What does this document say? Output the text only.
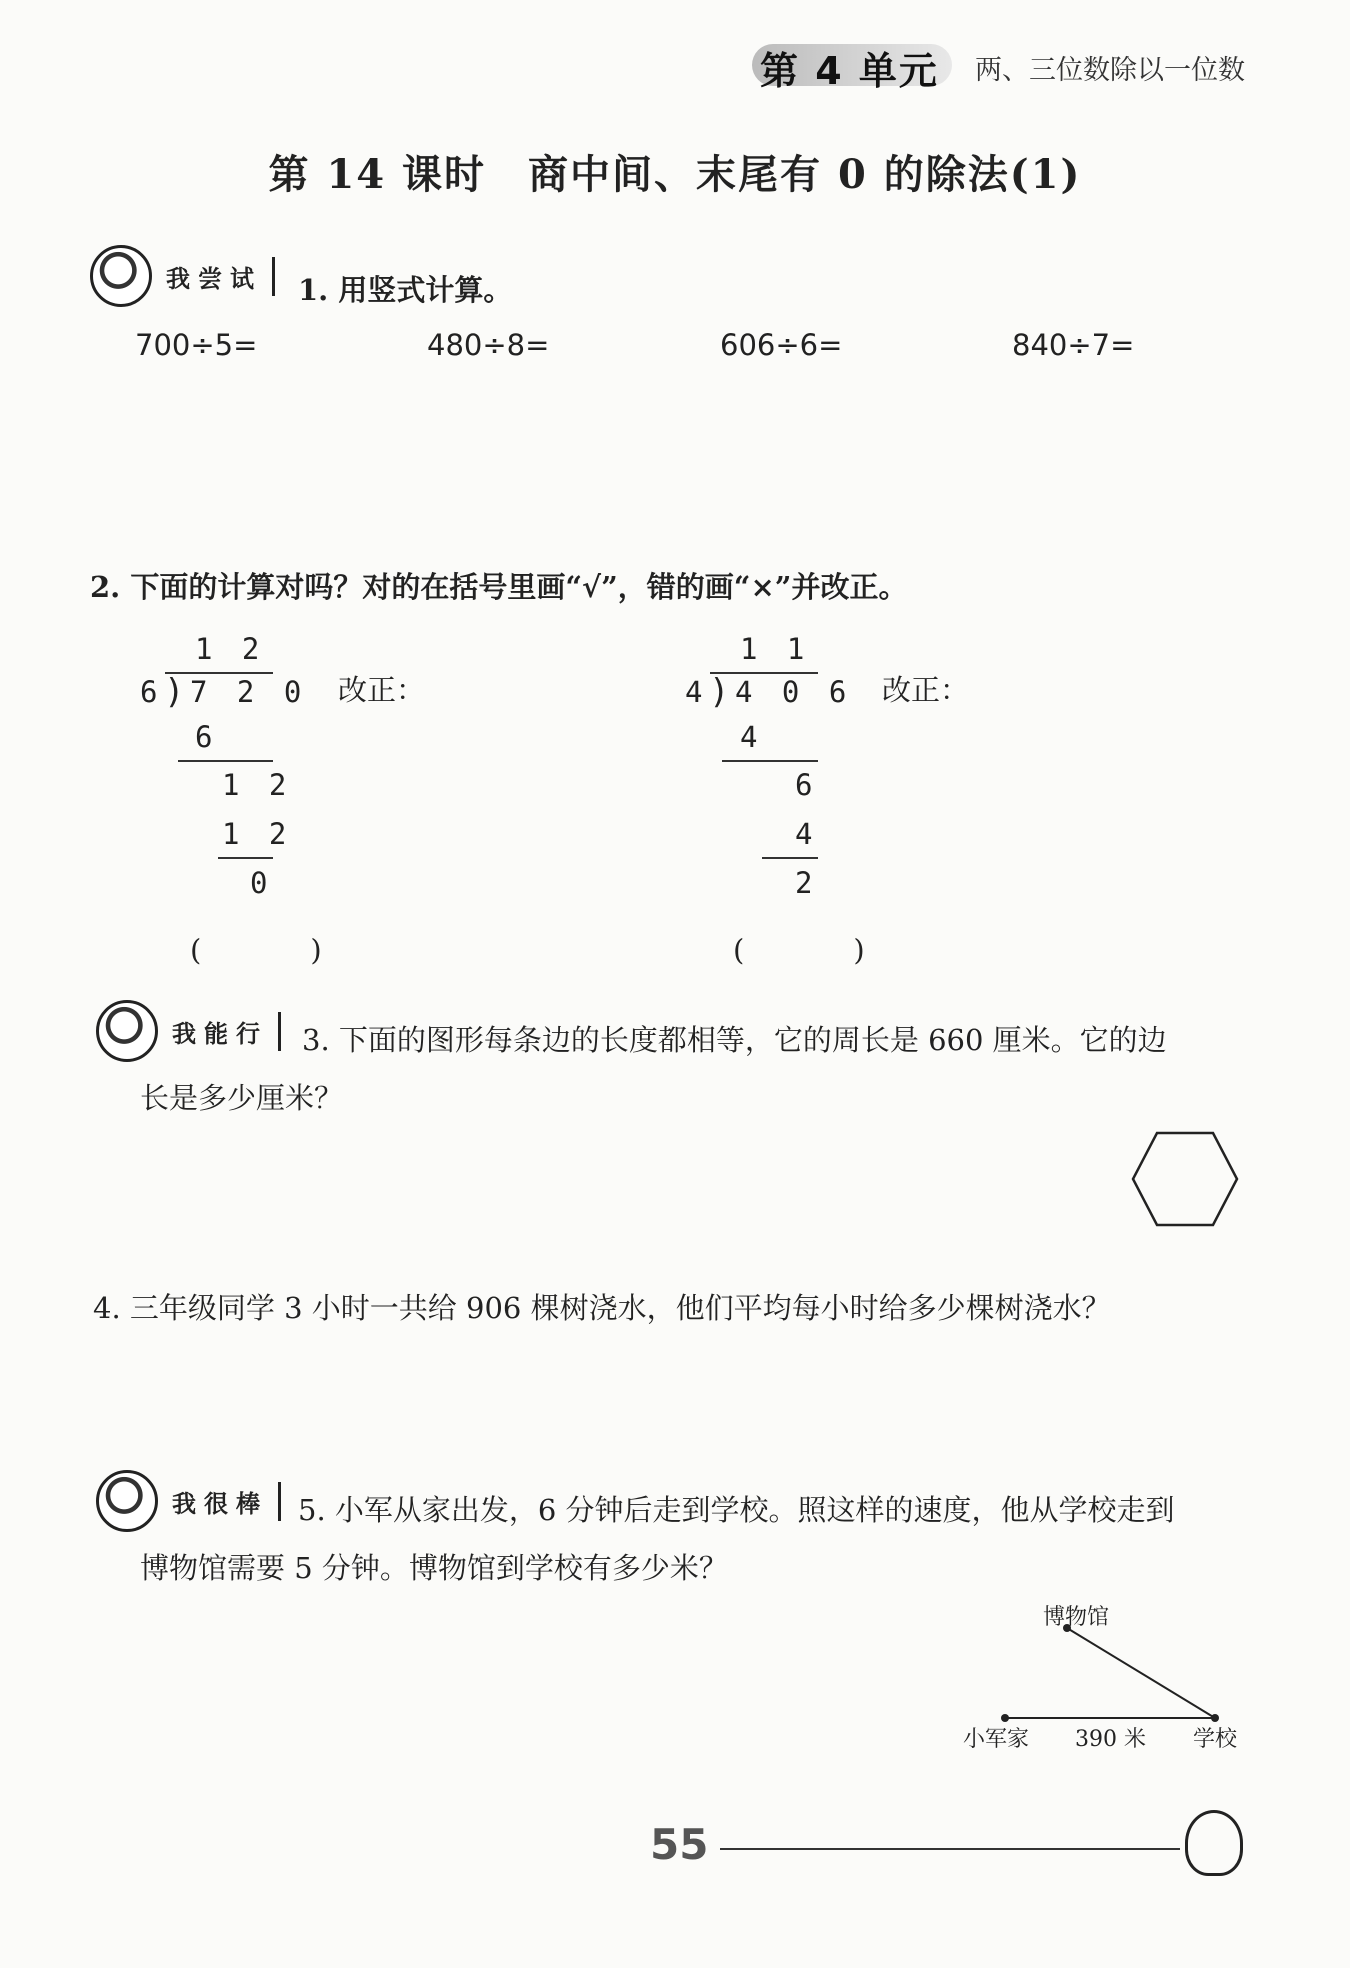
第 4 单元 两、三位数除以一位数
第 14 课时　商中间、末尾有 0 的除法(1)
我尝试	1. 用竖式计算。
700÷5=	480÷8=	606÷6=	840÷7=
2. 下面的计算对吗？对的在括号里画“√”，错的画“×”并改正。
1 2
6 ) 7 2 0
6
1 2
1 2
0
(　)
改正：
1 1
4 ) 4 0 6
4
6
4
2
(　)
改正：
我能行	3. 下面的图形每条边的长度都相等，它的周长是 660 厘米。它的边
长是多少厘米？
4. 三年级同学 3 小时一共给 906 棵树浇水，他们平均每小时给多少棵树浇水？
我很棒	5. 小军从家出发，6 分钟后走到学校。照这样的速度，他从学校走到
博物馆需要 5 分钟。博物馆到学校有多少米？
博物馆
小军家 390 米 学校
55
